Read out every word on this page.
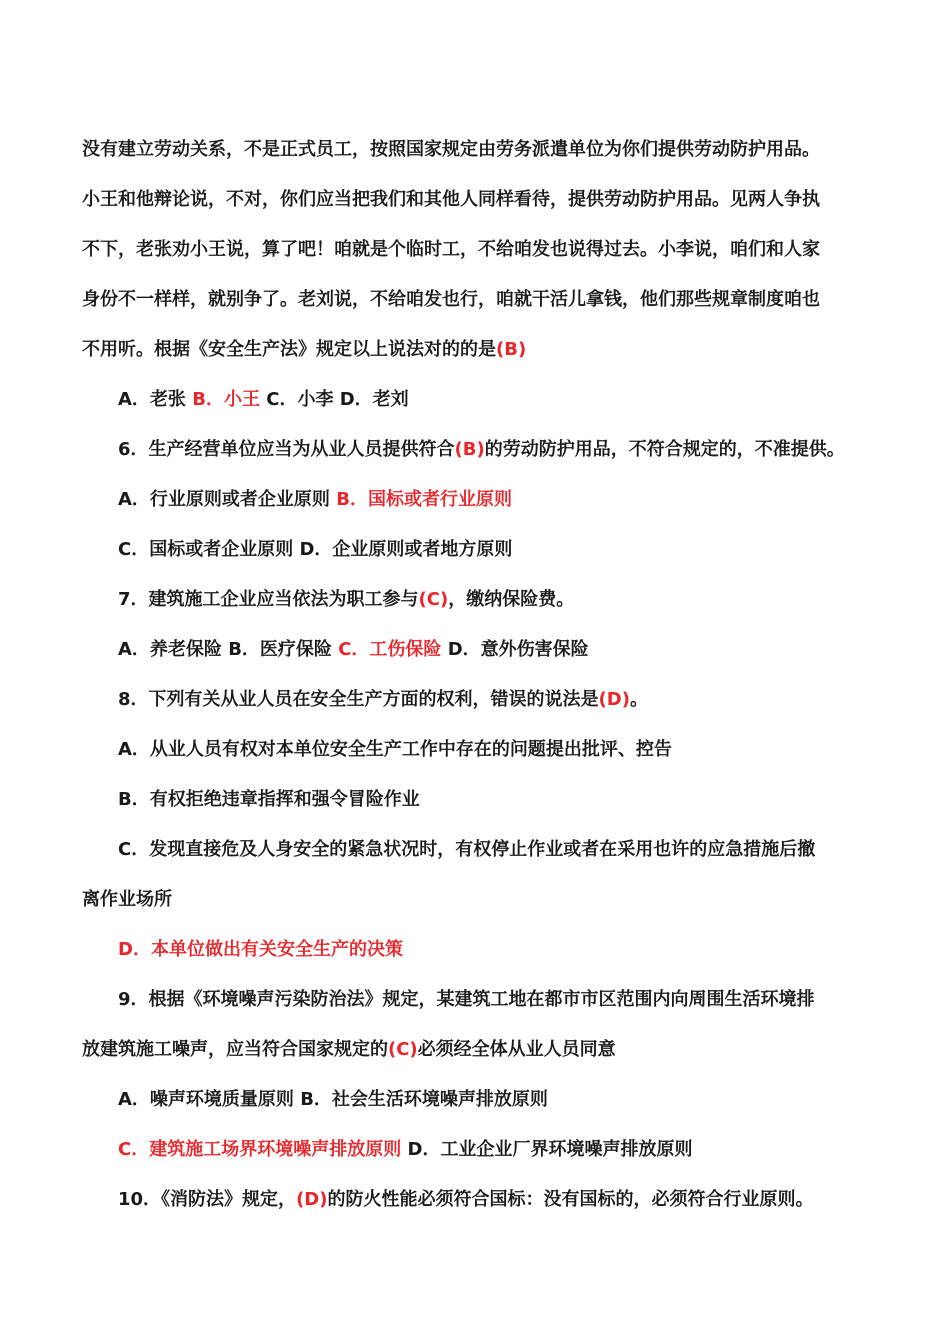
没有建立劳动关系，不是正式员工，按照国家规定由劳务派遣单位为你们提供劳动防护用品。
小王和他辩论说，不对，你们应当把我们和其他人同样看待，提供劳动防护用品。见两人争执
不下，老张劝小王说，算了吧！咱就是个临时工，不给咱发也说得过去。小李说，咱们和人家
身份不一样样，就别争了。老刘说，不给咱发也行，咱就干活儿拿钱，他们那些规章制度咱也
不用听。根据《安全生产法》规定以上说法对的的是(B)
A．老张 B．小王 C．小李 D．老刘
6．生产经营单位应当为从业人员提供符合(B)的劳动防护用品，不符合规定的，不准提供。
A．行业原则或者企业原则 B．国标或者行业原则
C．国标或者企业原则 D．企业原则或者地方原则
7．建筑施工企业应当依法为职工参与(C)，缴纳保险费。
A．养老保险 B．医疗保险 C．工伤保险 D．意外伤害保险
8．下列有关从业人员在安全生产方面的权利，错误的说法是(D)。
A．从业人员有权对本单位安全生产工作中存在的问题提出批评、控告
B．有权拒绝违章指挥和强令冒险作业
C．发现直接危及人身安全的紧急状况时，有权停止作业或者在采用也许的应急措施后撤
离作业场所
D．本单位做出有关安全生产的决策
9．根据《环境噪声污染防治法》规定，某建筑工地在都市市区范围内向周围生活环境排
放建筑施工噪声，应当符合国家规定的(C)必须经全体从业人员同意
A．噪声环境质量原则 B．社会生活环境噪声排放原则
C．建筑施工场界环境噪声排放原则 D．工业企业厂界环境噪声排放原则
10．《消防法》规定，(D)的防火性能必须符合国标：没有国标的，必须符合行业原则。
